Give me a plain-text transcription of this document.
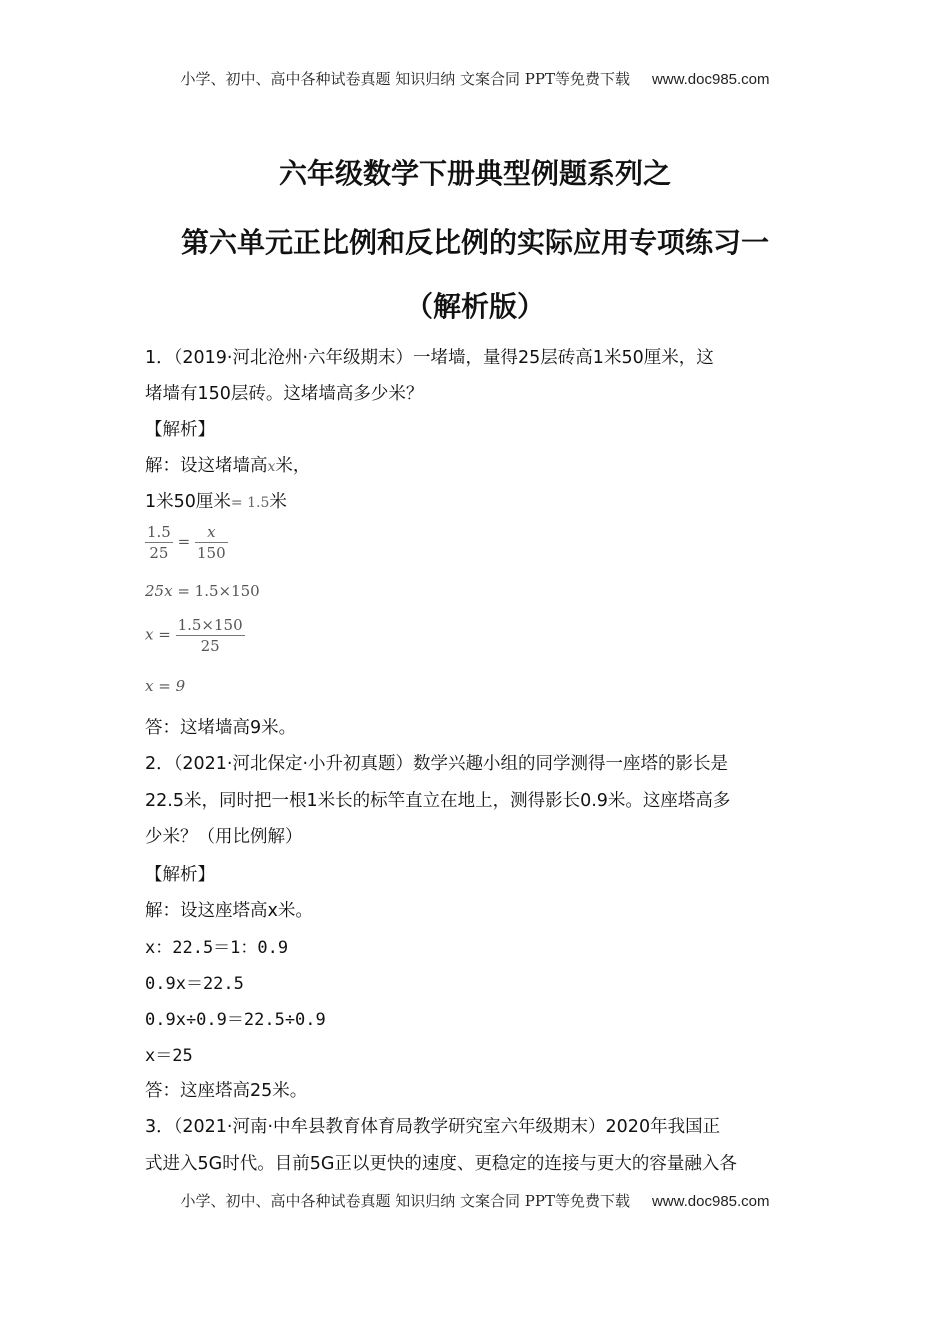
小学、初中、高中各种试卷真题 知识归纳 文案合同 PPT等免费下载 www.doc985.com
六年级数学下册典型例题系列之
第六单元正比例和反比例的实际应用专项练习一
（解析版）
1．（2019·河北沧州·六年级期末）一堵墙，量得25层砖高1米50厘米，这
堵墙有150层砖。这堵墙高多少米？
【解析】
解：设这堵墙高x米，
1米50厘米= 1.5米
$\frac{1.5}{25} = \frac{x}{150}$
25x = 1.5×150
$x = \frac{1.5\times 150}{25}$
x = 9
答：这堵墙高9米。
2．（2021·河北保定·小升初真题）数学兴趣小组的同学测得一座塔的影长是
22.5米，同时把一根1米长的标竿直立在地上，测得影长0.9米。这座塔高多
少米？（用比例解）
【解析】
解：设这座塔高x米。
x：22.5＝1：0.9
0.9x＝22.5
0.9x÷0.9＝22.5÷0.9
x＝25
答：这座塔高25米。
3．（2021·河南·中牟县教育体育局教学研究室六年级期末）2020年我国正
式进入5G时代。目前5G正以更快的速度、更稳定的连接与更大的容量融入各
小学、初中、高中各种试卷真题 知识归纳 文案合同 PPT等免费下载 www.doc985.com
